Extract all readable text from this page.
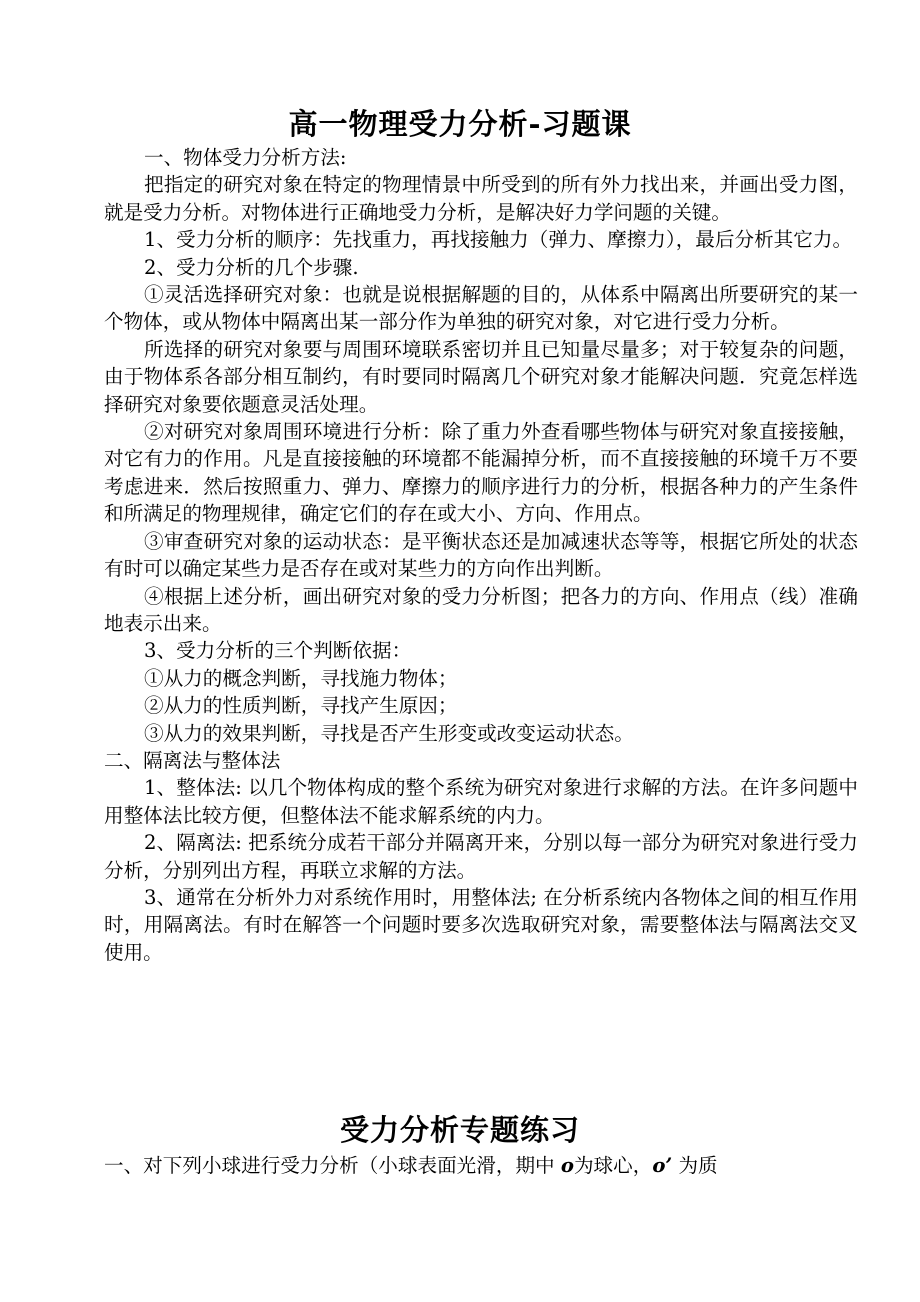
高一物理受力分析-习题课

一、物体受力分析方法:

把指定的研究对象在特定的物理情景中所受到的所有外力找出来，并画出受力图，就是受力分析。对物体进行正确地受力分析，是解决好力学问题的关键。

1、受力分析的顺序：先找重力，再找接触力（弹力、摩擦力），最后分析其它力。

2、受力分析的几个步骤.

①灵活选择研究对象：也就是说根据解题的目的，从体系中隔离出所要研究的某一个物体，或从物体中隔离出某一部分作为单独的研究对象，对它进行受力分析。

所选择的研究对象要与周围环境联系密切并且已知量尽量多；对于较复杂的问题，由于物体系各部分相互制约，有时要同时隔离几个研究对象才能解决问题．究竟怎样选择研究对象要依题意灵活处理。

②对研究对象周围环境进行分析：除了重力外查看哪些物体与研究对象直接接触，对它有力的作用。凡是直接接触的环境都不能漏掉分析，而不直接接触的环境千万不要考虑进来．然后按照重力、弹力、摩擦力的顺序进行力的分析，根据各种力的产生条件和所满足的物理规律，确定它们的存在或大小、方向、作用点。

③审查研究对象的运动状态：是平衡状态还是加减速状态等等，根据它所处的状态有时可以确定某些力是否存在或对某些力的方向作出判断。

④根据上述分析，画出研究对象的受力分析图；把各力的方向、作用点（线）准确地表示出来。

3、受力分析的三个判断依据：

①从力的概念判断，寻找施力物体；

②从力的性质判断，寻找产生原因；

③从力的效果判断，寻找是否产生形变或改变运动状态。

二、隔离法与整体法

1、整体法: 以几个物体构成的整个系统为研究对象进行求解的方法。在许多问题中用整体法比较方便，但整体法不能求解系统的内力。

2、隔离法: 把系统分成若干部分并隔离开来，分别以每一部分为研究对象进行受力分析，分别列出方程，再联立求解的方法。

3、通常在分析外力对系统作用时，用整体法; 在分析系统内各物体之间的相互作用时，用隔离法。有时在解答一个问题时要多次选取研究对象，需要整体法与隔离法交叉使用。

受力分析专题练习
一、对下列小球进行受力分析（小球表面光滑，期中 o为球心，o’ 为质
